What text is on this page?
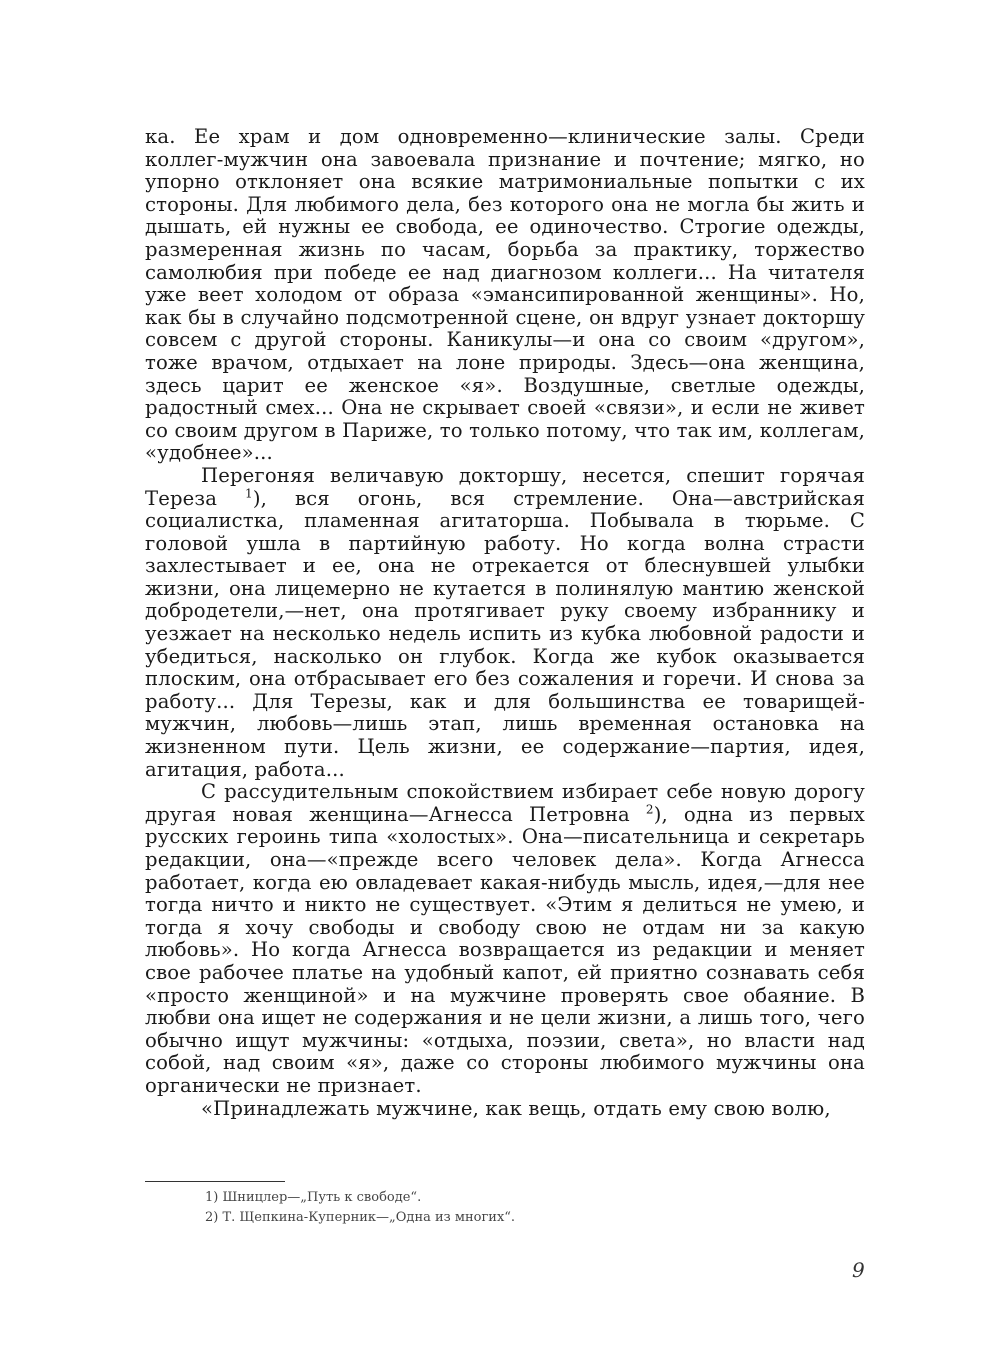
ка. Ее храм и дом одновременно—клинические залы. Среди коллег-мужчин она завоевала признание и почтение; мягко, но упорно отклоняет она всякие матримониальные попытки с их стороны. Для любимого дела, без которого она не могла бы жить и дышать, ей нужны ее свобода, ее одиночество. Строгие одежды, размеренная жизнь по часам, борьба за практику, торжество самолюбия при победе ее над диагнозом коллеги... На читателя уже веет холодом от образа «эмансипированной женщины». Но, как бы в случайно подсмотренной сцене, он вдруг узнает докторшу совсем с другой стороны. Каникулы—и она со своим «другом», тоже врачом, отдыхает на лоне природы. Здесь—она женщина, здесь царит ее женское «я». Воздушные, светлые одежды, радостный смех... Она не скрывает своей «связи», и если не живет со своим другом в Париже, то только потому, что так им, коллегам, «удобнее»...

Перегоняя величавую докторшу, несется, спешит горячая Тереза $^1$), вся огонь, вся стремление. Она—австрийская социалистка, пламенная агитаторша. Побывала в тюрьме. С головой ушла в партийную работу. Но когда волна страсти захлестывает и ее, она не отрекается от блеснувшей улыбки жизни, она лицемерно не кутается в полинялую мантию женской добродетели,—нет, она протягивает руку своему избраннику и уезжает на несколько недель испить из кубка любовной радости и убедиться, насколько он глубок. Когда же кубок оказывается плоским, она отбрасывает его без сожаления и горечи. И снова за работу... Для Терезы, как и для большинства ее товарищей-мужчин, любовь—лишь этап, лишь временная остановка на жизненном пути. Цель жизни, ее содержание—партия, идея, агитация, работа...

С рассудительным спокойствием избирает себе новую дорогу другая новая женщина—Агнесса Петровна $^2$), одна из первых русских героинь типа «холостых». Она—писательница и секретарь редакции, она—«прежде всего человек дела». Когда Агнесса работает, когда ею овладевает какая-нибудь мысль, идея,—для нее тогда ничто и никто не существует. «Этим я делиться не умею, и тогда я хочу свободы и свободу свою не отдам ни за какую любовь». Но когда Агнесса возвращается из редакции и меняет свое рабочее платье на удобный капот, ей приятно сознавать себя «просто женщиной» и на мужчине проверять свое обаяние. В любви она ищет не содержания и не цели жизни, а лишь того, чего обычно ищут мужчины: «отдыха, поэзии, света», но власти над собой, над своим «я», даже со стороны любимого мужчины она органически не признает.

«Принадлежать мужчине, как вещь, отдать ему свою волю,

1) Шницлер—„Путь к свободе“.

2) Т. Щепкина-Куперник—„Одна из многих“.

9
